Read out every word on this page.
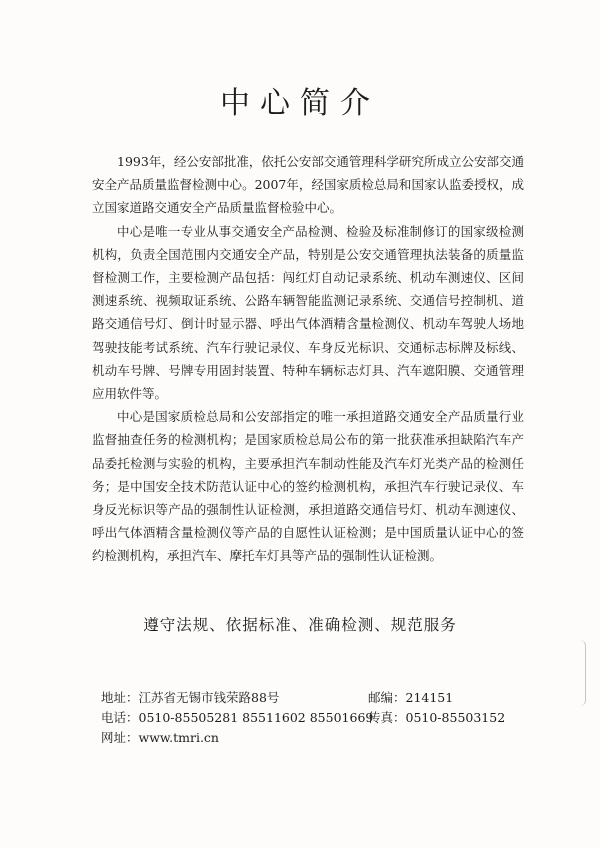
中心简介

1993年，经公安部批准，依托公安部交通管理科学研究所成立公安部交通安全产品质量监督检测中心。2007年，经国家质检总局和国家认监委授权，成立国家道路交通安全产品质量监督检验中心。

中心是唯一专业从事交通安全产品检测、检验及标准制修订的国家级检测机构，负责全国范围内交通安全产品，特别是公安交通管理执法装备的质量监督检测工作，主要检测产品包括：闯红灯自动记录系统、机动车测速仪、区间测速系统、视频取证系统、公路车辆智能监测记录系统、交通信号控制机、道路交通信号灯、倒计时显示器、呼出气体酒精含量检测仪、机动车驾驶人场地驾驶技能考试系统、汽车行驶记录仪、车身反光标识、交通标志标牌及标线、机动车号牌、号牌专用固封装置、特种车辆标志灯具、汽车遮阳膜、交通管理应用软件等。

中心是国家质检总局和公安部指定的唯一承担道路交通安全产品质量行业监督抽查任务的检测机构；是国家质检总局公布的第一批获准承担缺陷汽车产品委托检测与实验的机构，主要承担汽车制动性能及汽车灯光类产品的检测任务；是中国安全技术防范认证中心的签约检测机构，承担汽车行驶记录仪、车身反光标识等产品的强制性认证检测，承担道路交通信号灯、机动车测速仪、呼出气体酒精含量检测仪等产品的自愿性认证检测；是中国质量认证中心的签约检测机构，承担汽车、摩托车灯具等产品的强制性认证检测。

遵守法规、依据标准、准确检测、规范服务
地址：江苏省无锡市钱荣路88号	邮编：214151
电话：0510-85505281 85511602 85501669
传真：0510-85503152
网址：www.tmri.cn
